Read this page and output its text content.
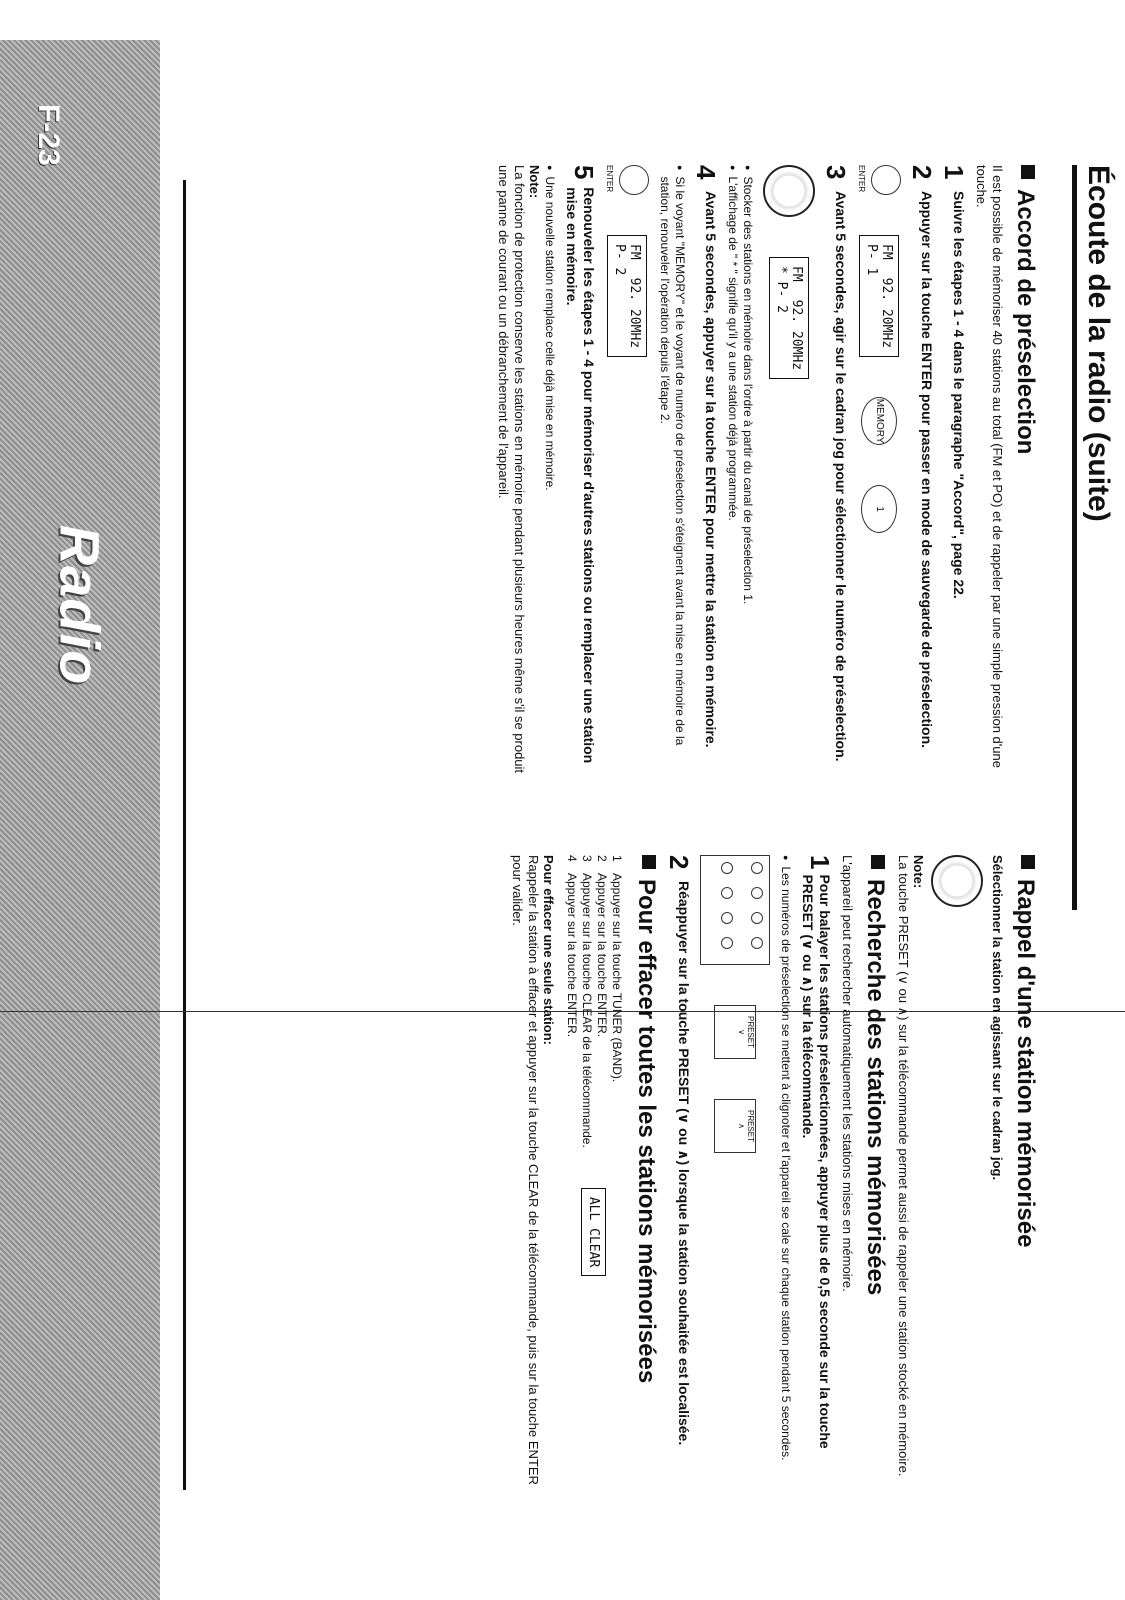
F-23
Radio
Écoute de la radio (suite)
Accord de préselection

Il est possible de mémoriser 40 stations au total (FM et PO) et de rappeler par une simple pression d'une touche.

1
Suivre les étapes 1 - 4 dans le paragraphe "Accord", page 22.
2
Appuyer sur la touche ENTER pour passer en mode de sauvegarde de préselection.
ENTER
FM
92. 20MHz
P- 1
MEMORY
1
3
Avant 5 secondes, agir sur le cadran jog pour sélectionner le numéro de préselection.
FM
92. 20MHz
* P- 2
● Stocker des stations en mémoire dans l'ordre à partir du canal de préselection 1.
● L'affichage de " * " signifie qu'il y a une station déjà programmée.
4
Avant 5 secondes, appuyer sur la touche ENTER pour mettre la station en mémoire.
● Si le voyant "MEMORY" et le voyant de numéro de préselection s'éteignent avant la mise en mémoire de la station, renouveler l'opération depuis l'étape 2.
ENTER
FM
92. 20MHz
P- 2
5
Renouveler les étapes 1 - 4 pour mémoriser d'autres stations ou remplacer une station mise en mémoire.
● Une nouvelle station remplace celle déjà mise en mémoire.
Note:

La fonction de protection conserve les stations en mémoire pendant plusieurs heures même s'il se produit une panne de courant ou un débranchement de l'appareil.

Rappel d'une station mémorisée

Sélectionner la station en agissant sur le cadran jog.

Note:

La touche PRESET (∨ ou ∧) sur la télécommande permet aussi de rappeler une station stocké en mémoire.

Recherche des stations mémorisées

L'appareil peut rechercher automatiquement les stations mises en mémoire.

1
Pour balayer les stations préselectionnées, appuyer plus de 0,5 seconde sur la touche PRESET (∨ ou ∧) sur la télécommande.
● Les numéros de préselection se mettent à clignoter et l'appareil se cale sur chaque station pendant 5 secondes.
PRESET
∨
PRESET
∧
2
Réappuyer sur la touche PRESET (∨ ou ∧) lorsque la station souhaitée est localisée.
Pour effacer toutes les stations mémorisées
1
Appuyer sur la touche TUNER (BAND).
2
Appuyer sur la touche ENTER.
3
Appuyer sur la touche CLEAR de la télécommande.
4
Appuyer sur la touche ENTER.
ALL CLEAR
Pour effacer une seule station:

Rappeler la station à effacer et appuyer sur la touche CLEAR de la télécommande, puis sur la touche ENTER pour valider.
